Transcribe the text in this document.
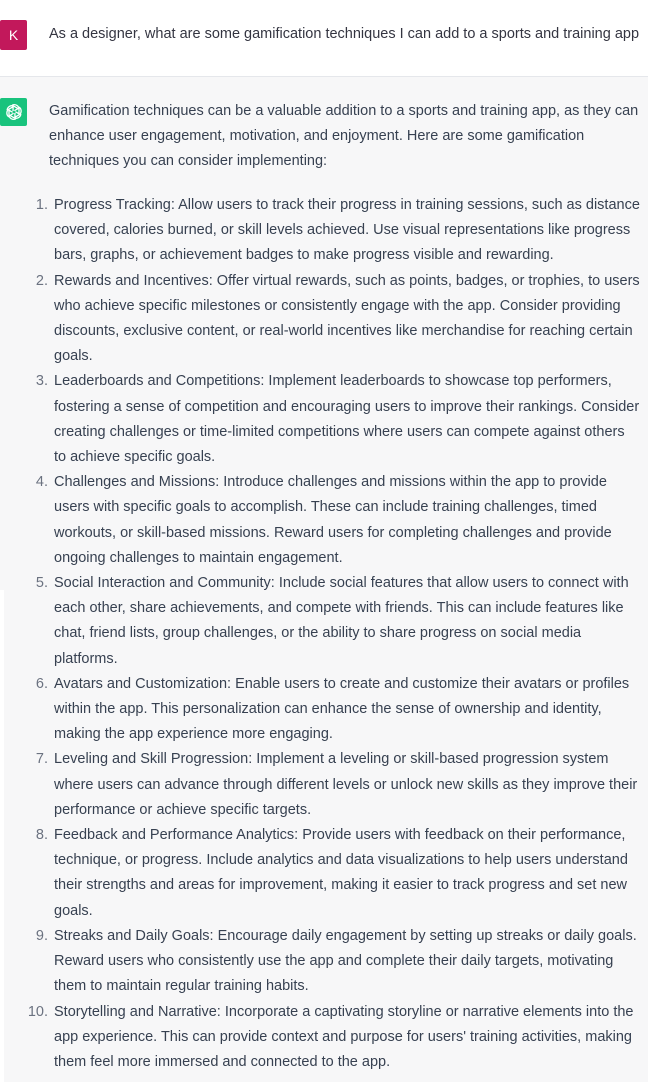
K	As a designer, what are some gamification techniques I can add to a sports and training app

Gamification techniques can be a valuable addition to a sports and training app, as they can enhance user engagement, motivation, and enjoyment. Here are some gamification techniques you can consider implementing:

1. Progress Tracking: Allow users to track their progress in training sessions, such as distance covered, calories burned, or skill levels achieved. Use visual representations like progress bars, graphs, or achievement badges to make progress visible and rewarding.
2. Rewards and Incentives: Offer virtual rewards, such as points, badges, or trophies, to users who achieve specific milestones or consistently engage with the app. Consider providing discounts, exclusive content, or real-world incentives like merchandise for reaching certain goals.
3. Leaderboards and Competitions: Implement leaderboards to showcase top performers, fostering a sense of competition and encouraging users to improve their rankings. Consider creating challenges or time-limited competitions where users can compete against others to achieve specific goals.
4. Challenges and Missions: Introduce challenges and missions within the app to provide users with specific goals to accomplish. These can include training challenges, timed workouts, or skill-based missions. Reward users for completing challenges and provide ongoing challenges to maintain engagement.
5. Social Interaction and Community: Include social features that allow users to connect with each other, share achievements, and compete with friends. This can include features like chat, friend lists, group challenges, or the ability to share progress on social media platforms.
6. Avatars and Customization: Enable users to create and customize their avatars or profiles within the app. This personalization can enhance the sense of ownership and identity, making the app experience more engaging.
7. Leveling and Skill Progression: Implement a leveling or skill-based progression system where users can advance through different levels or unlock new skills as they improve their performance or achieve specific targets.
8. Feedback and Performance Analytics: Provide users with feedback on their performance, technique, or progress. Include analytics and data visualizations to help users understand their strengths and areas for improvement, making it easier to track progress and set new goals.
9. Streaks and Daily Goals: Encourage daily engagement by setting up streaks or daily goals. Reward users who consistently use the app and complete their daily targets, motivating them to maintain regular training habits.
10. Storytelling and Narrative: Incorporate a captivating storyline or narrative elements into the app experience. This can provide context and purpose for users' training activities, making them feel more immersed and connected to the app.
